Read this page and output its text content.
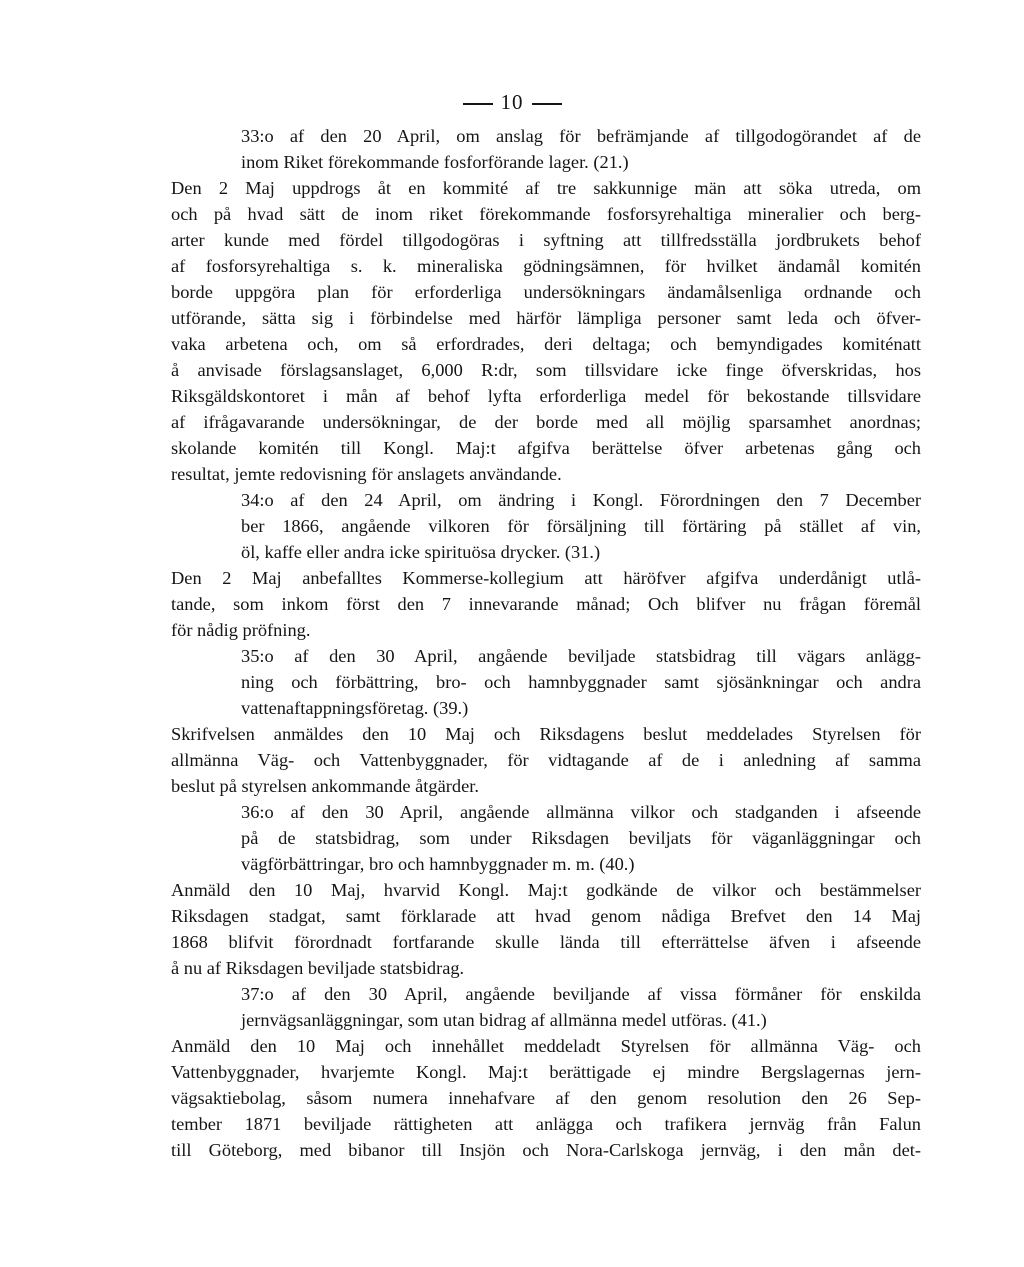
10
33:o af den 20 April, om anslag för befrämjande af tillgodogörandet af de
inom Riket förekommande fosforförande lager. (21.)
Den 2 Maj uppdrogs åt en kommité af tre sakkunnige män att söka utreda, om
och på hvad sätt de inom riket förekommande fosforsyrehaltiga mineralier och berg-
arter kunde med fördel tillgodogöras i syftning att tillfredsställa jordbrukets behof
af fosforsyrehaltiga s. k. mineraliska gödningsämnen, för hvilket ändamål komitén
borde uppgöra plan för erforderliga undersökningars ändamålsenliga ordnande och
utförande, sätta sig i förbindelse med härför lämpliga personer samt leda och öfver-
vaka arbetena och, om så erfordrades, deri deltaga; och bemyndigades komiténatt
å anvisade förslagsanslaget, 6,000 R:dr, som tillsvidare icke finge öfverskridas, hos
Riksgäldskontoret i mån af behof lyfta erforderliga medel för bekostande tillsvidare
af ifrågavarande undersökningar, de der borde med all möjlig sparsamhet anordnas;
skolande komitén till Kongl. Maj:t afgifva berättelse öfver arbetenas gång och
resultat, jemte redovisning för anslagets användande.
34:o af den 24 April, om ändring i Kongl. Förordningen den 7 December
ber 1866, angående vilkoren för försäljning till förtäring på stället af vin,
öl, kaffe eller andra icke spirituösa drycker. (31.)
Den 2 Maj anbefalltes Kommerse-kollegium att häröfver afgifva underdånigt utlå-
tande, som inkom först den 7 innevarande månad; Och blifver nu frågan föremål
för nådig pröfning.
35:o af den 30 April, angående beviljade statsbidrag till vägars anlägg-
ning och förbättring, bro- och hamnbyggnader samt sjösänkningar och andra
vattenaftappningsföretag. (39.)
Skrifvelsen anmäldes den 10 Maj och Riksdagens beslut meddelades Styrelsen för
allmänna Väg- och Vattenbyggnader, för vidtagande af de i anledning af samma
beslut på styrelsen ankommande åtgärder.
36:o af den 30 April, angående allmänna vilkor och stadganden i afseende
på de statsbidrag, som under Riksdagen beviljats för väganläggningar och
vägförbättringar, bro och hamnbyggnader m. m. (40.)
Anmäld den 10 Maj, hvarvid Kongl. Maj:t godkände de vilkor och bestämmelser
Riksdagen stadgat, samt förklarade att hvad genom nådiga Brefvet den 14 Maj
1868 blifvit förordnadt fortfarande skulle lända till efterrättelse äfven i afseende
å nu af Riksdagen beviljade statsbidrag.
37:o af den 30 April, angående beviljande af vissa förmåner för enskilda
jernvägsanläggningar, som utan bidrag af allmänna medel utföras. (41.)
Anmäld den 10 Maj och innehållet meddeladt Styrelsen för allmänna Väg- och
Vattenbyggnader, hvarjemte Kongl. Maj:t berättigade ej mindre Bergslagernas jern-
vägsaktiebolag, såsom numera innehafvare af den genom resolution den 26 Sep-
tember 1871 beviljade rättigheten att anlägga och trafikera jernväg från Falun
till Göteborg, med bibanor till Insjön och Nora-Carlskoga jernväg, i den mån det-
